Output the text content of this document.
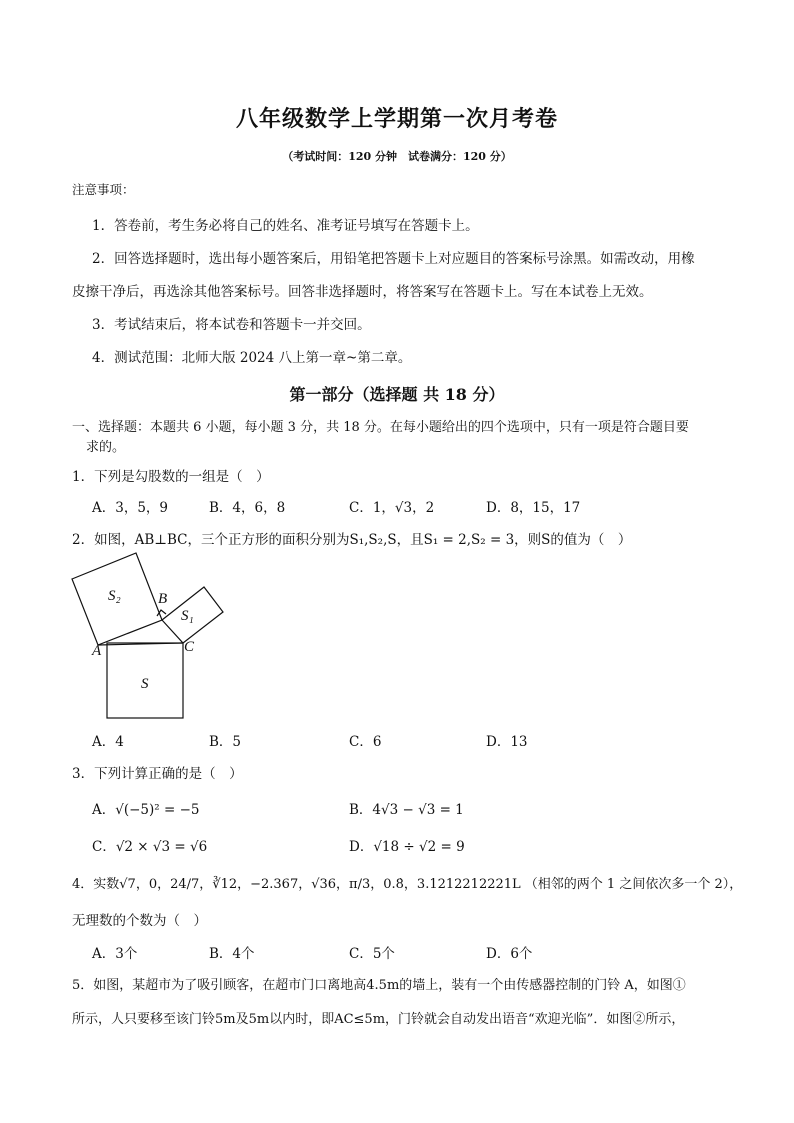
八年级数学上学期第一次月考卷
（考试时间：120 分钟　试卷满分：120 分）
注意事项：
1．答卷前，考生务必将自己的姓名、准考证号填写在答题卡上。
2．回答选择题时，选出每小题答案后，用铅笔把答题卡上对应题目的答案标号涂黑。如需改动，用橡
皮擦干净后，再选涂其他答案标号。回答非选择题时，将答案写在答题卡上。写在本试卷上无效。
3．考试结束后，将本试卷和答题卡一并交回。
4．测试范围：北师大版 2024 八上第一章~第二章。
第一部分（选择题 共 18 分）
一、选择题：本题共 6 小题，每小题 3 分，共 18 分。在每小题给出的四个选项中，只有一项是符合题目要
求的。
1．下列是勾股数的一组是（　）
A．3，5，9	B．4，6，8	C．1，√3，2	D．8，15，17
2．如图，AB⊥BC，三个正方形的面积分别为S₁,S₂,S，且S₁ = 2,S₂ = 3，则S的值为（　）
S₂ B
S₁
A	C
S
A．4	B．5	C．6	D．13
3．下列计算正确的是（　）
A．√(−5)² = −5	B．4√3 − √3 = 1
C．√2 × √3 = √6	D．√18 ÷ √2 = 9
4．实数√7，0，24/7，∛12，−2.367，√36，π/3，0.8̇，3.1212212221L （相邻的两个 1 之间依次多一个 2），
无理数的个数为（　）
A．3个	B．4个	C．5个	D．6个
5．如图，某超市为了吸引顾客，在超市门口离地高4.5m的墙上，装有一个由传感器控制的门铃 A，如图①
所示，人只要移至该门铃5m及5m以内时，即AC≤5m，门铃就会自动发出语音“欢迎光临”．如图②所示，
